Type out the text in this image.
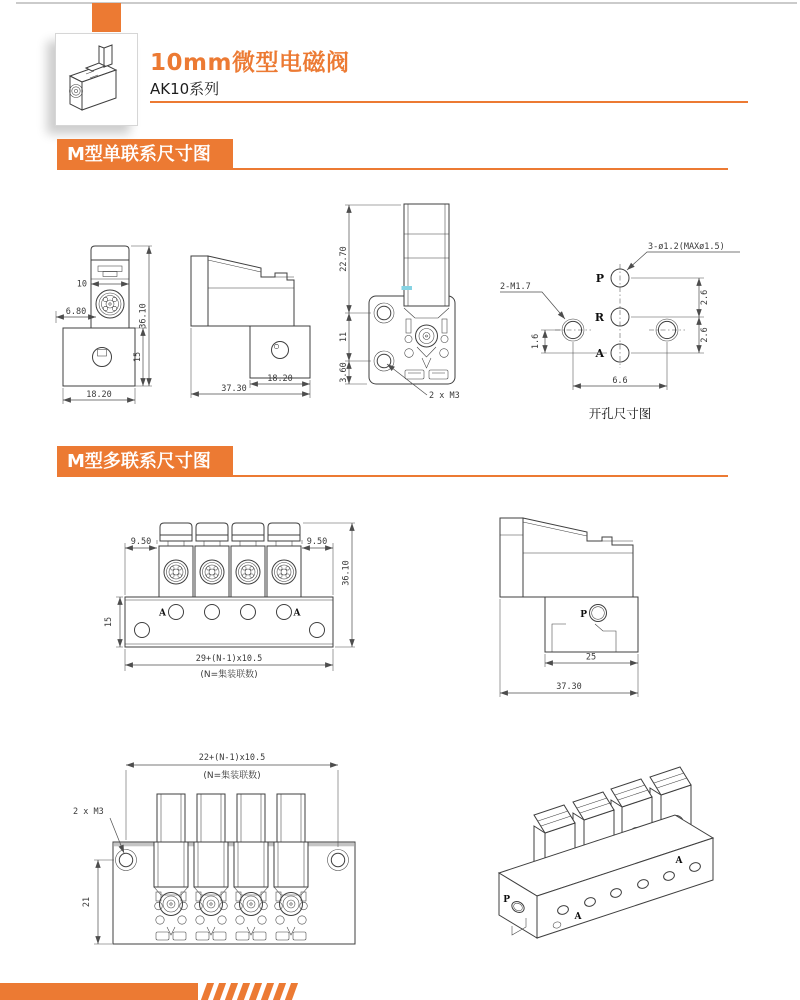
10mm微型电磁阀
AK10系列
M型单联系尺寸图
36.10
10
6.80
15
18.20
18.20
37.30
22.70
11
3.60
2 x M3
P
R
A
3-ø1.2(MAXø1.5)
2-M1.7
2.6
2.6
1.6
6.6
开孔尺寸图
M型多联系尺寸图
A	A
9.50	9.50
36.10
15
29+(N-1)x10.5
(N=集装联数)
P
25
37.30
22+(N-1)x10.5
(N=集装联数)
2 x M3
21
A
A
P
